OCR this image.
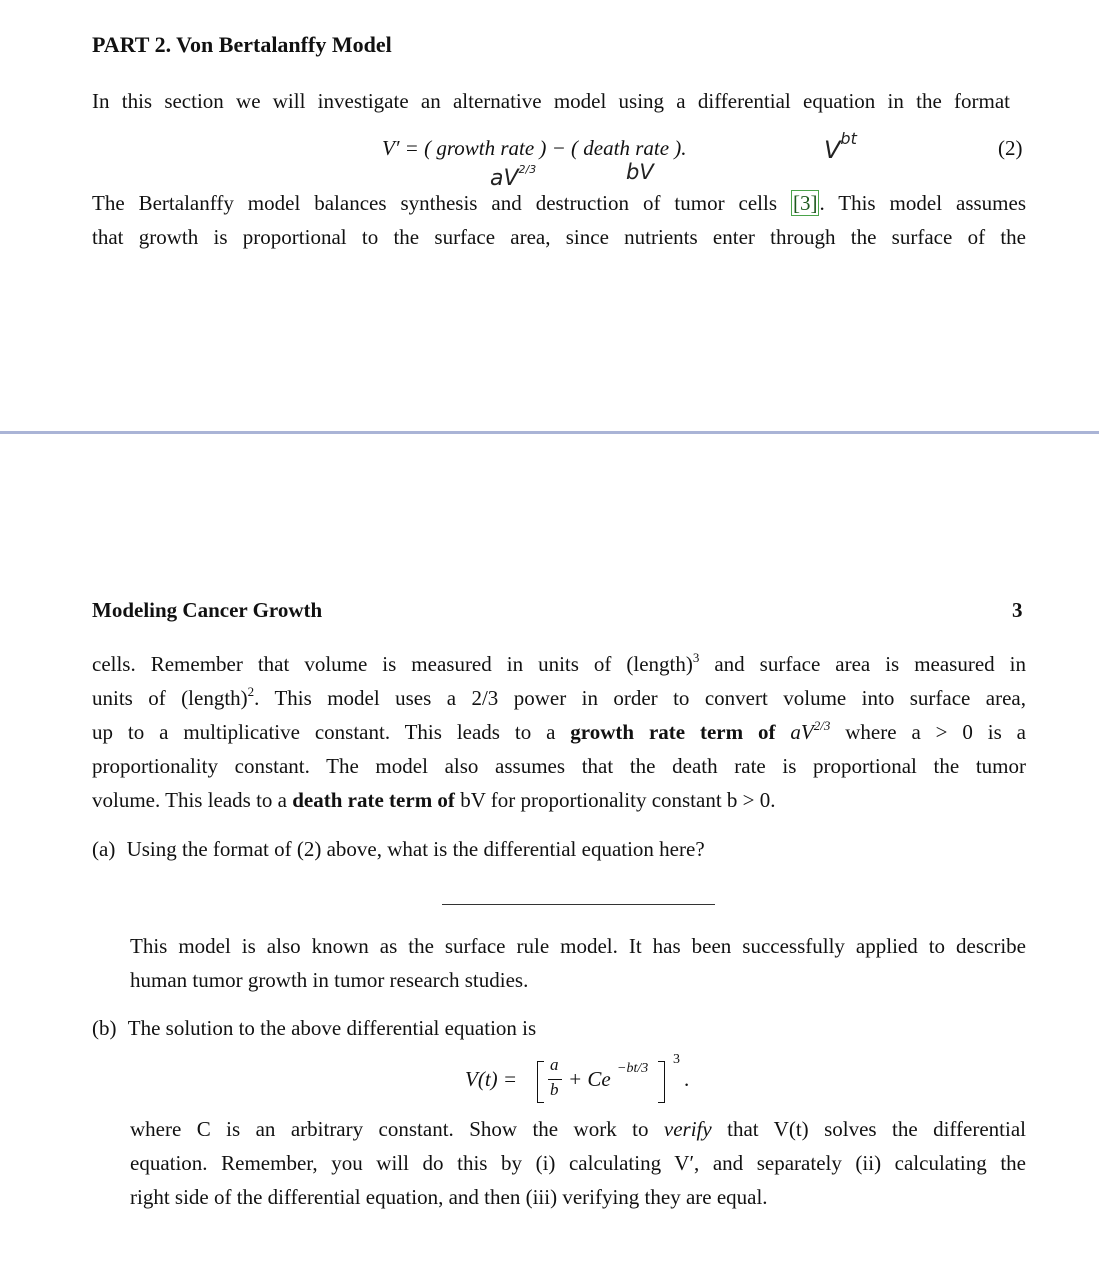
PART 2. Von Bertalanffy Model
In this section we will investigate an alternative model using a differential equation in the format
V′ = ( growth rate ) − ( death rate ).	(2)
$aV^{2/3}$	bV
$V^{bt}$
The Bertalanffy model balances synthesis and destruction of tumor cells [3]. This model assumes
that growth is proportional to the surface area, since nutrients enter through the surface of the
Modeling Cancer Growth	3
cells. Remember that volume is measured in units of (length)$^3$ and surface area is measured in
units of (length)$^2$. This model uses a 2/3 power in order to convert volume into surface area,
up to a multiplicative constant. This leads to a growth rate term of $aV^{2/3}$ where a > 0 is a
proportionality constant. The model also assumes that the death rate is proportional the tumor
volume. This leads to a death rate term of bV for proportionality constant b > 0.
(a) Using the format of (2) above, what is the differential equation here?
This model is also known as the surface rule model. It has been successfully applied to describe
human tumor growth in tumor research studies.
(b) The solution to the above differential equation is
V(t) =
a
b + Ce −bt/3
3
.
where C is an arbitrary constant. Show the work to verify that V(t) solves the differential
equation. Remember, you will do this by (i) calculating V′, and separately (ii) calculating the
right side of the differential equation, and then (iii) verifying they are equal.
